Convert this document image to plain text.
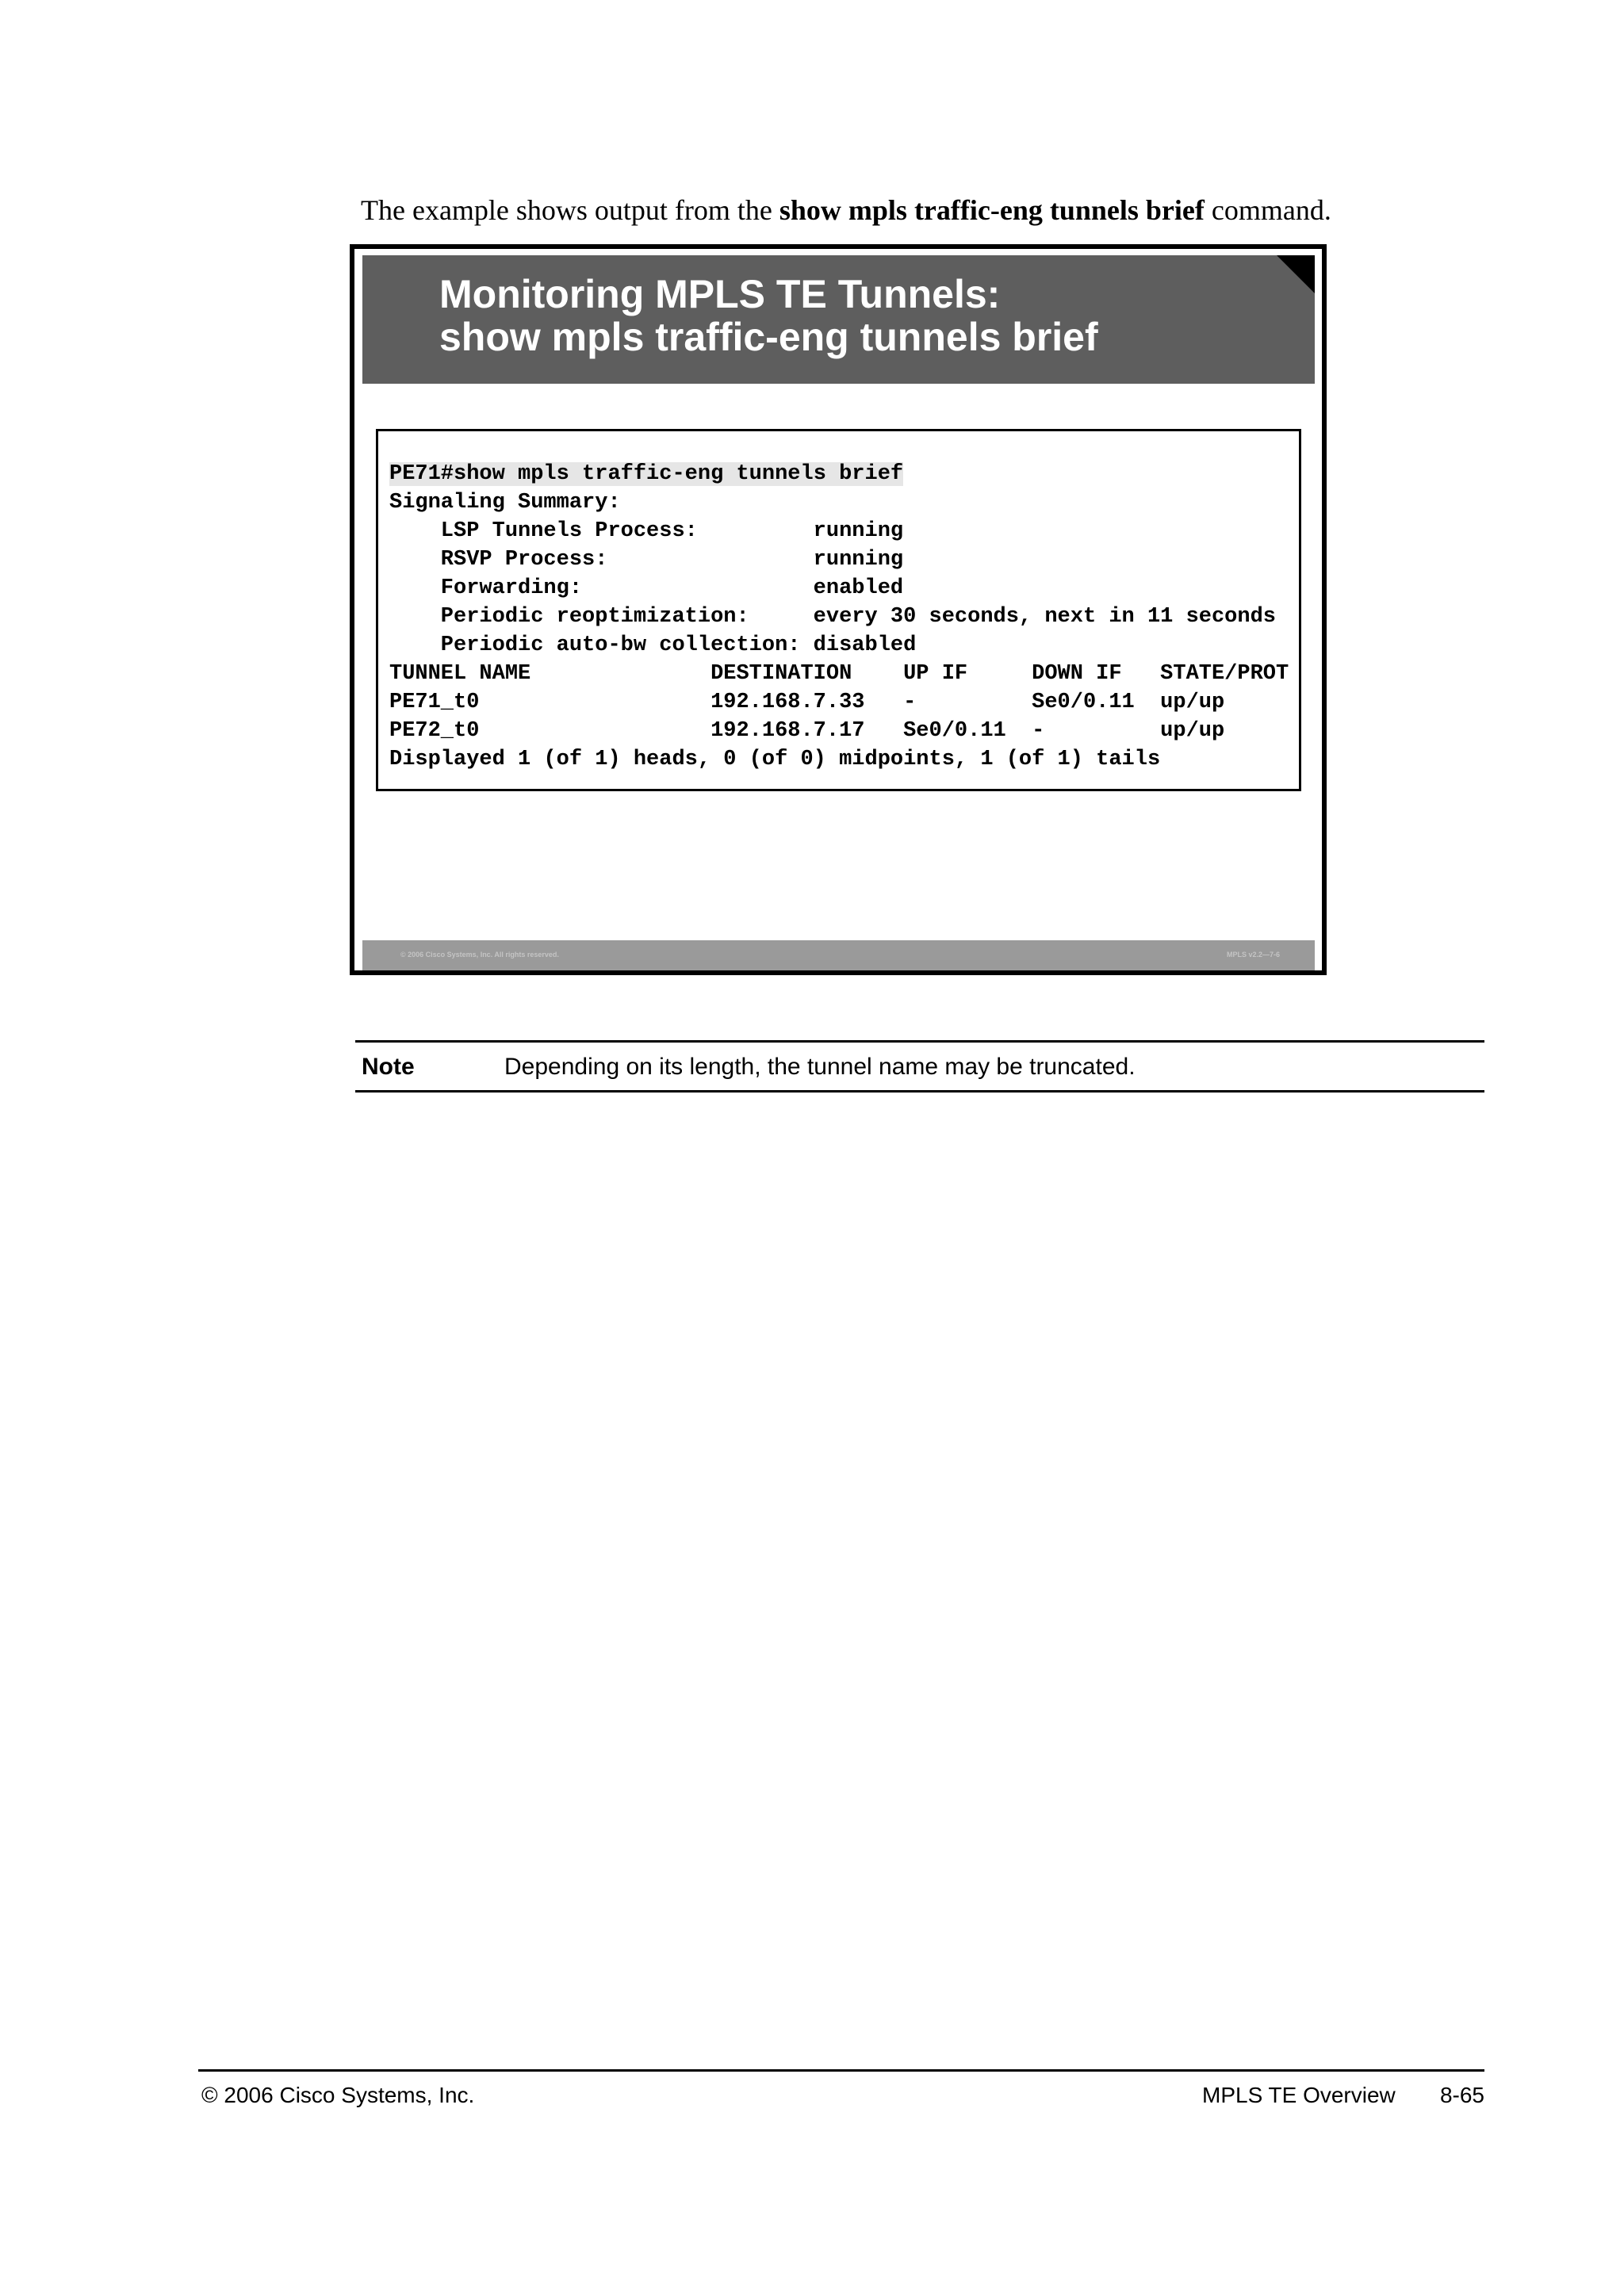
The example shows output from the show mpls traffic-eng tunnels brief command.
Monitoring MPLS TE Tunnels:
show mpls traffic-eng tunnels brief
PE71#show mpls traffic-eng tunnels brief
Signaling Summary:
LSP Tunnels Process:         running
RSVP Process:                running
Forwarding:                  enabled
Periodic reoptimization:     every 30 seconds, next in 11 seconds
Periodic auto-bw collection: disabled
TUNNEL NAME              DESTINATION    UP IF     DOWN IF   STATE/PROT
PE71_t0                  192.168.7.33   -         Se0/0.11  up/up
PE72_t0                  192.168.7.17   Se0/0.11  -         up/up
Displayed 1 (of 1) heads, 0 (of 0) midpoints, 1 (of 1) tails
© 2006 Cisco Systems, Inc. All rights reserved.	MPLS v2.2—7-6
Note	Depending on its length, the tunnel name may be truncated.
© 2006 Cisco Systems, Inc.	MPLS TE Overview 8-65
